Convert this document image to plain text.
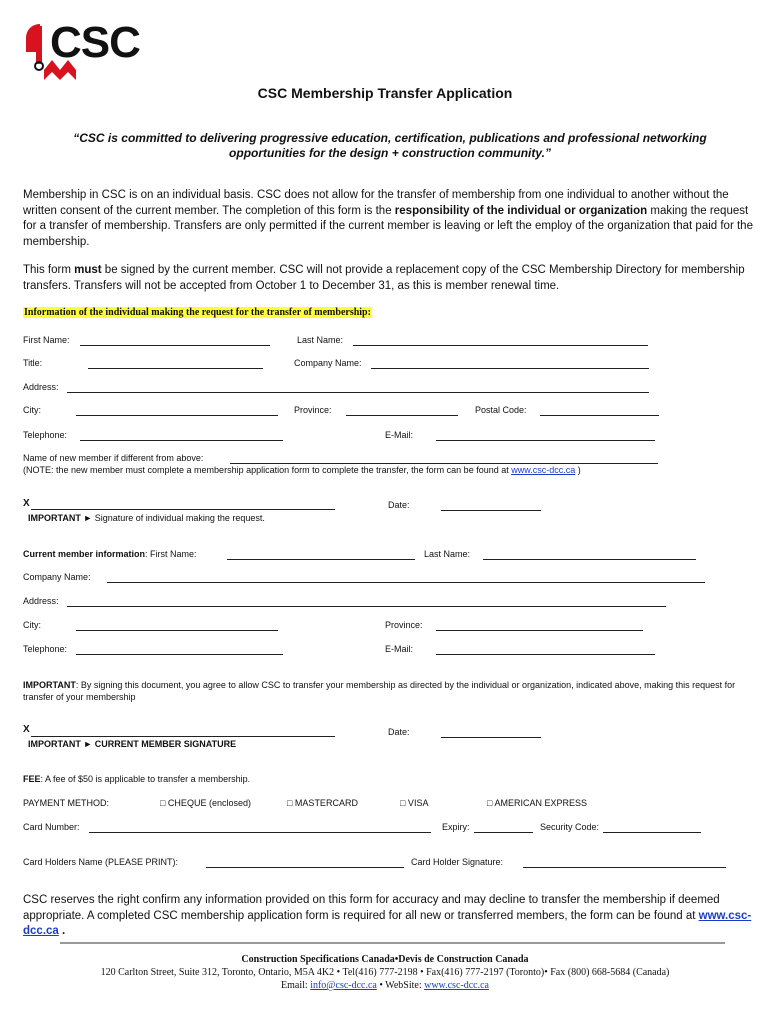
CSC
CSC Membership Transfer Application
“CSC is committed to delivering progressive education, certification, publications and professional networking opportunities for the design + construction community.”
Membership in CSC is on an individual basis. CSC does not allow for the transfer of membership from one individual to another without the written consent of the current member. The completion of this form is the responsibility of the individual or organization making the request for a transfer of membership. Transfers are only permitted if the current member is leaving or left the employ of the organization that paid for the membership.
This form must be signed by the current member. CSC will not provide a replacement copy of the CSC Membership Directory for membership transfers. Transfers will not be accepted from October 1 to December 31, as this is member renewal time.
Information of the individual making the request for the transfer of membership:
First Name:	Last Name:
Title:	Company Name:
Address:
City:	Province:	Postal Code:
Telephone:	E-Mail:
Name of new member if different from above:
(NOTE: the new member must complete a membership application form to complete the transfer, the form can be found at www.csc-dcc.ca )
X	Date:
IMPORTANT ► Signature of individual making the request.
Current member information: First Name:	Last Name:
Company Name:
Address:
City:	Province:
Telephone:	E-Mail:
IMPORTANT: By signing this document, you agree to allow CSC to transfer your membership as directed by the individual or organization, indicated above, making this request for transfer of your membership
X	Date:
IMPORTANT ► CURRENT MEMBER SIGNATURE
FEE: A fee of $50 is applicable to transfer a membership.
PAYMENT METHOD:	□ CHEQUE (enclosed)	□ MASTERCARD	□ VISA	□ AMERICAN EXPRESS
Card Number:	Expiry:	Security Code:
Card Holders Name (PLEASE PRINT):	Card Holder Signature:
CSC reserves the right confirm any information provided on this form for accuracy and may decline to transfer the membership if deemed appropriate. A completed CSC membership application form is required for all new or transferred members, the form can be found at www.csc-dcc.ca .
Construction Specifications Canada•Devis de Construction Canada
120 Carlton Street, Suite 312, Toronto, Ontario, M5A 4K2 • Tel(416) 777-2198 • Fax(416) 777-2197 (Toronto)• Fax (800) 668-5684 (Canada)
Email: info@csc-dcc.ca • WebSite: www.csc-dcc.ca
